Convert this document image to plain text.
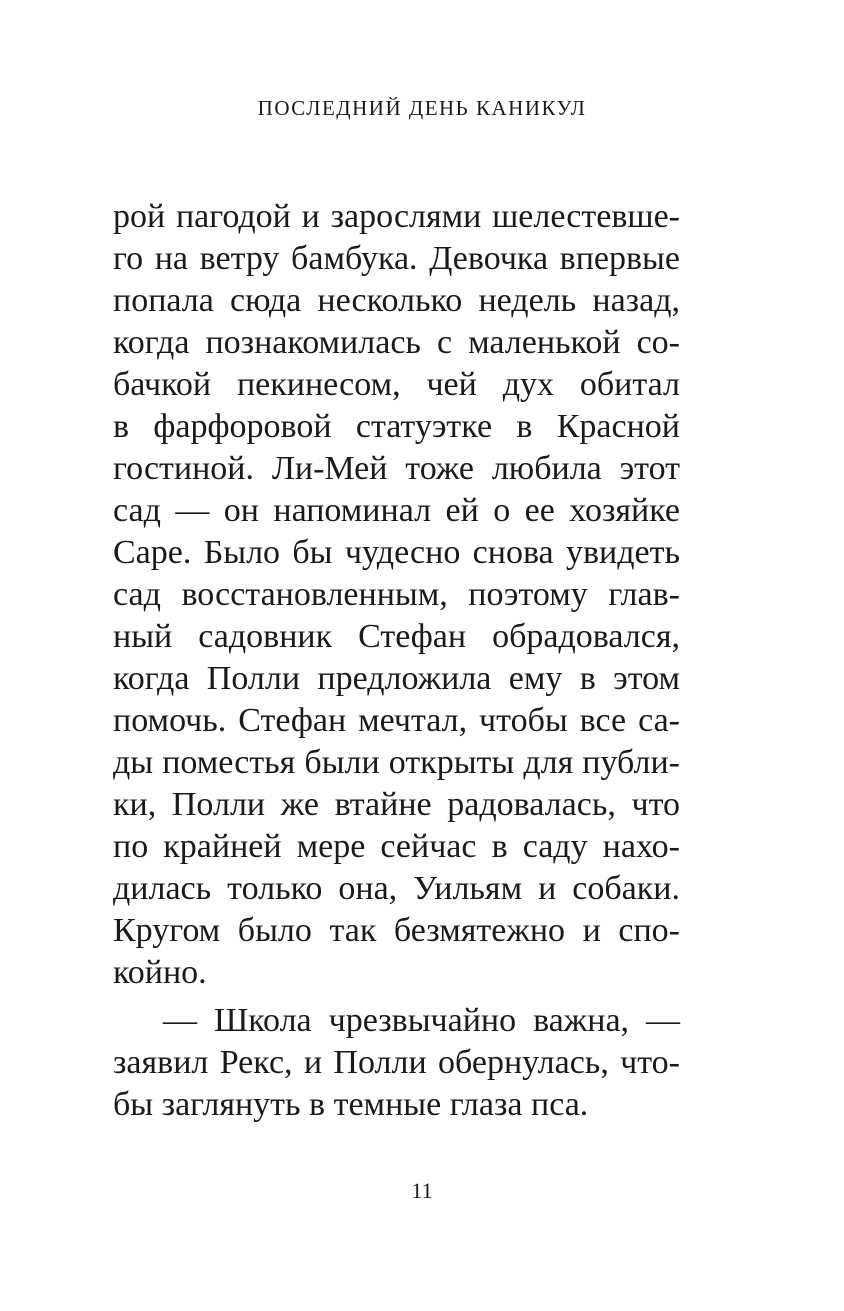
ПОСЛЕДНИЙ ДЕНЬ КАНИКУЛ
рой пагодой и зарослями шелестевше-
го на ветру бамбука. Девочка впервые
попала сюда несколько недель назад,
когда познакомилась с маленькой со-
бачкой пекинесом, чей дух обитал
в фарфоровой статуэтке в Красной
гостиной. Ли-Мей тоже любила этот
сад — он напоминал ей о ее хозяйке
Саре. Было бы чудесно снова увидеть
сад восстановленным, поэтому глав-
ный садовник Стефан обрадовался,
когда Полли предложила ему в этом
помочь. Стефан мечтал, чтобы все са-
ды поместья были открыты для публи-
ки, Полли же втайне радовалась, что
по крайней мере сейчас в саду нахо-
дилась только она, Уильям и собаки.
Кругом было так безмятежно и спо-
койно.
— Школа чрезвычайно важна, —
заявил Рекс, и Полли обернулась, что-
бы заглянуть в темные глаза пса.
11
